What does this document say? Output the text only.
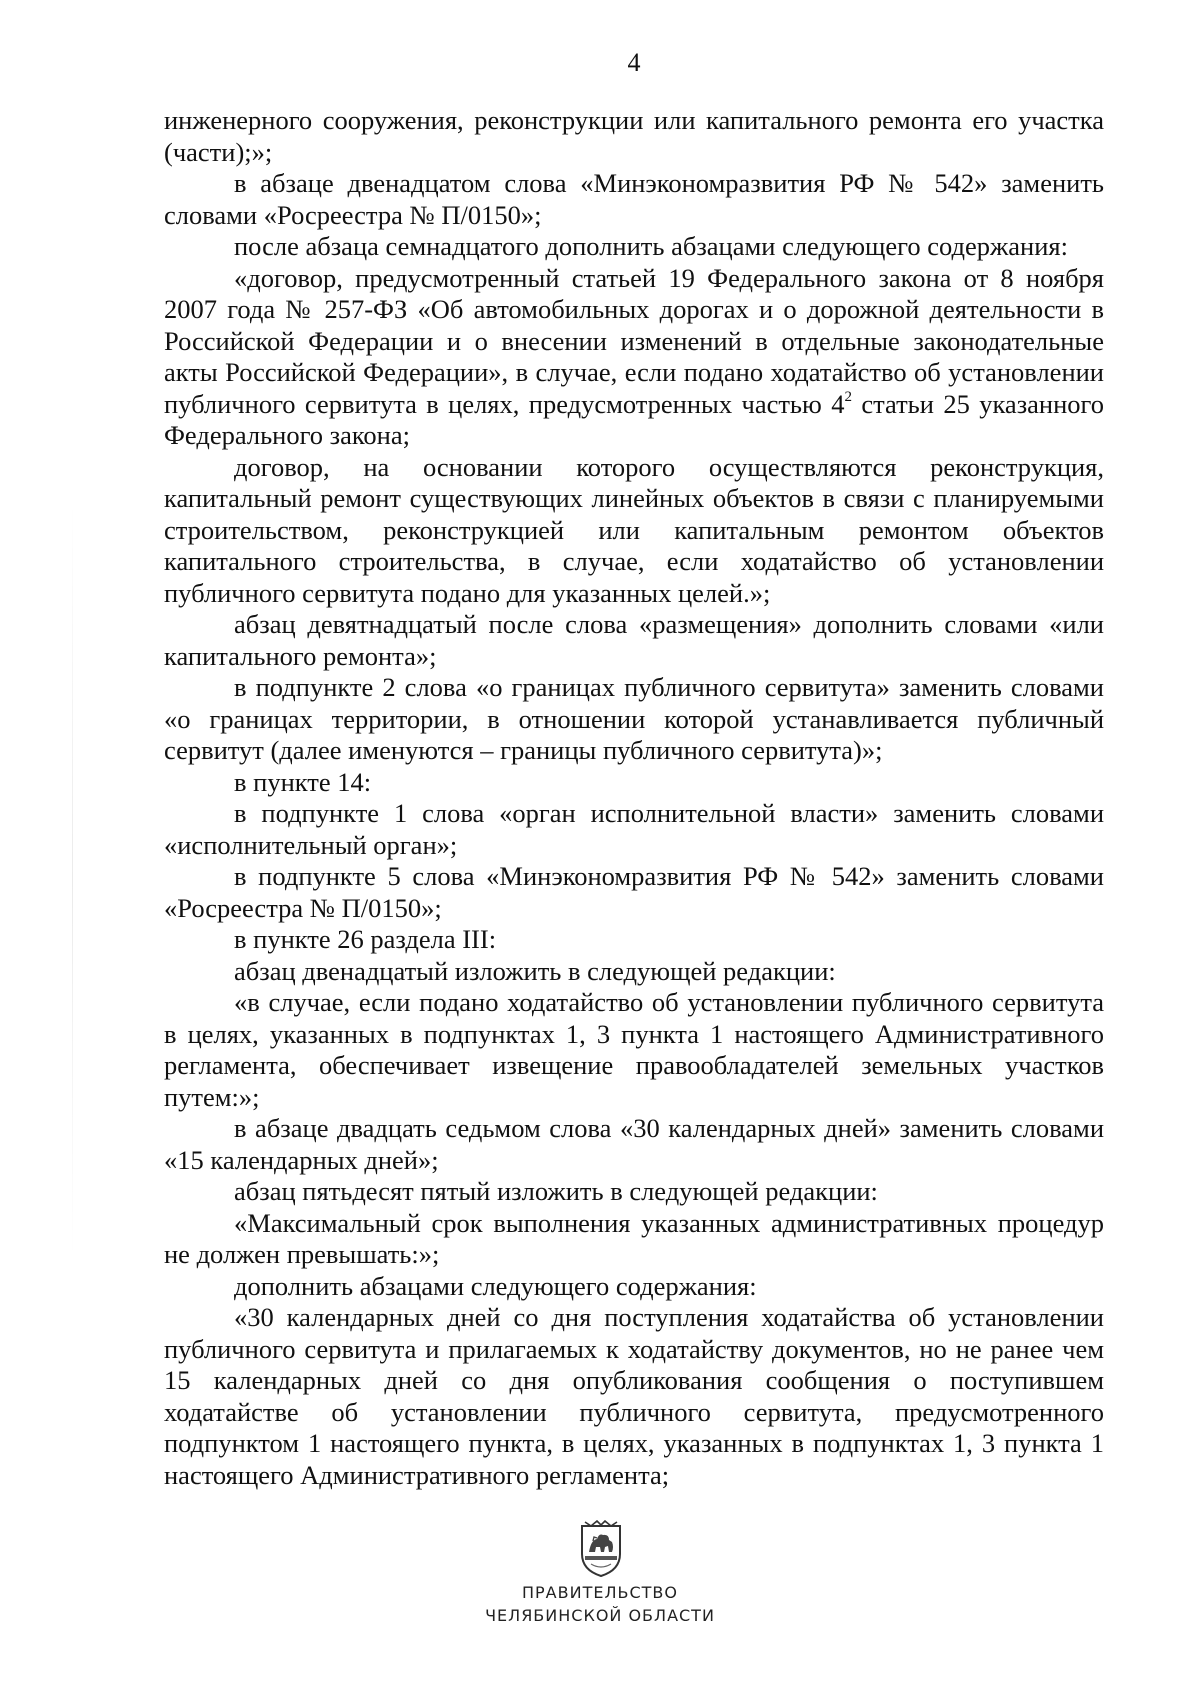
4

инженерного сооружения, реконструкции или капитального ремонта его участка (части);»;

в абзаце двенадцатом слова «Минэкономразвития РФ № 542» заменить словами «Росреестра № П/0150»;

после абзаца семнадцатого дополнить абзацами следующего содержания:

«договор, предусмотренный статьей 19 Федерального закона от 8 ноября 2007 года № 257-ФЗ «Об автомобильных дорогах и о дорожной деятельности в Российской Федерации и о внесении изменений в отдельные законодательные акты Российской Федерации», в случае, если подано ходатайство об установлении публичного сервитута в целях, предусмотренных частью $4^2$ статьи 25 указанного Федерального закона;

договор, на основании которого осуществляются реконструкция, капитальный ремонт существующих линейных объектов в связи с планируемыми строительством, реконструкцией или капитальным ремонтом объектов капитального строительства, в случае, если ходатайство об установлении публичного сервитута подано для указанных целей.»;

абзац девятнадцатый после слова «размещения» дополнить словами «или капитального ремонта»;

в подпункте 2 слова «о границах публичного сервитута» заменить словами «о границах территории, в отношении которой устанавливается публичный сервитут (далее именуются – границы публичного сервитута)»;

в пункте 14:

в подпункте 1 слова «орган исполнительной власти» заменить словами «исполнительный орган»;

в подпункте 5 слова «Минэкономразвития РФ № 542» заменить словами «Росреестра № П/0150»;

в пункте 26 раздела III:

абзац двенадцатый изложить в следующей редакции:

«в случае, если подано ходатайство об установлении публичного сервитута в целях, указанных в подпунктах 1, 3 пункта 1 настоящего Административного регламента, обеспечивает извещение правообладателей земельных участков путем:»;

в абзаце двадцать седьмом слова «30 календарных дней» заменить словами «15 календарных дней»;

абзац пятьдесят пятый изложить в следующей редакции:

«Максимальный срок выполнения указанных административных процедур не должен превышать:»;

дополнить абзацами следующего содержания:

«30 календарных дней со дня поступления ходатайства об установлении публичного сервитута и прилагаемых к ходатайству документов, но не ранее чем 15 календарных дней со дня опубликования сообщения о поступившем ходатайстве об установлении публичного сервитута, предусмотренного подпунктом 1 настоящего пункта, в целях, указанных в подпунктах 1, 3 пункта 1 настоящего Административного регламента;

ПРАВИТЕЛЬСТВО
ЧЕЛЯБИНСКОЙ ОБЛАСТИ
